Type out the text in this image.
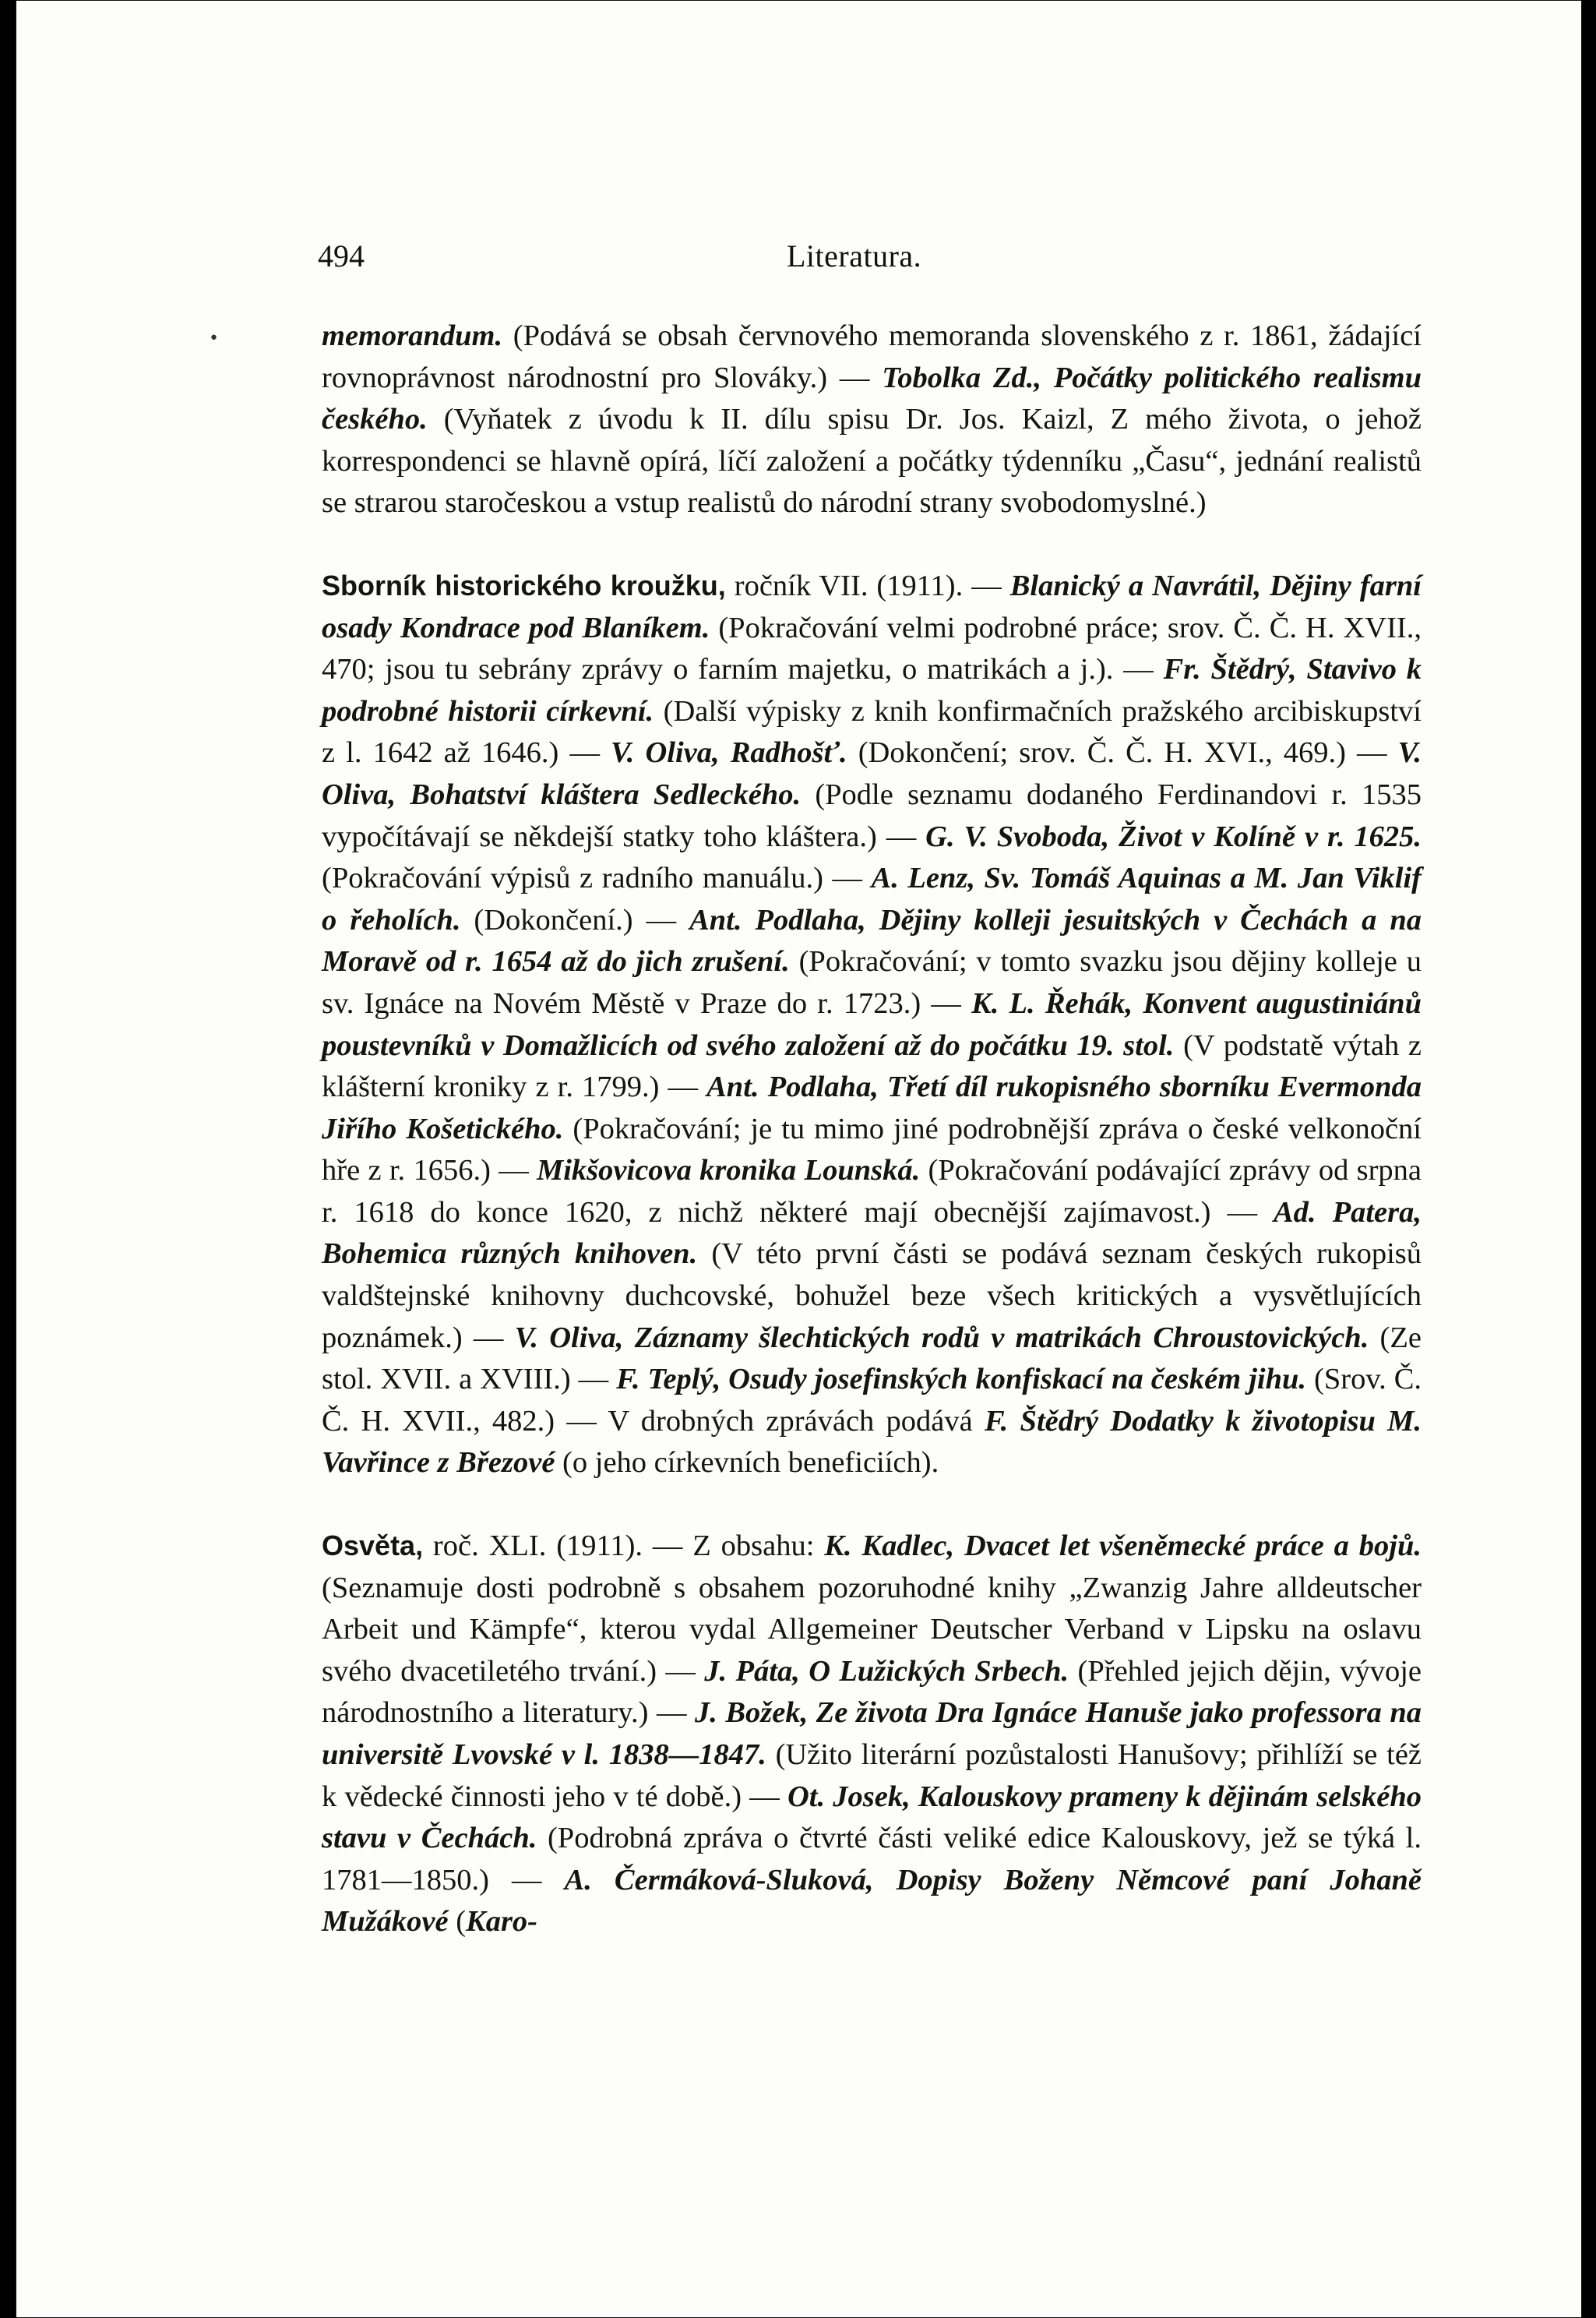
494	Literatura.
•	memorandum. (Podává se obsah červnového memoranda slovenského z r. 1861, žádající rovnoprávnost národnostní pro Slováky.) — Tobolka Zd., Počátky politického realismu českého. (Vyňatek z úvodu k II. dílu spisu Dr. Jos. Kaizl, Z mého života, o jehož korrespondenci se hlavně opírá, líčí založení a počátky týdenníku „Času“, jednání realistů se strarou staročeskou a vstup realistů do národní strany svobodomyslné.)

Sborník historického kroužku, ročník VII. (1911). — Blanický a Navrátil, Dějiny farní osady Kondrace pod Blaníkem. (Pokračování velmi podrobné práce; srov. Č. Č. H. XVII., 470; jsou tu sebrány zprávy o farním majetku, o matrikách a j.). — Fr. Štědrý, Stavivo k podrobné historii církevní. (Další výpisky z knih konfirmačních pražského arcibiskupství z l. 1642 až 1646.) — V. Oliva, Radhošť. (Dokončení; srov. Č. Č. H. XVI., 469.) — V. Oliva, Bohatství kláštera Sedleckého. (Podle seznamu dodaného Ferdinandovi r. 1535 vypočítávají se někdejší statky toho kláštera.) — G. V. Svoboda, Život v Kolíně v r. 1625. (Pokračování výpisů z radního manuálu.) — A. Lenz, Sv. Tomáš Aquinas a M. Jan Viklif o řeholích. (Dokončení.) — Ant. Podlaha, Dějiny kolleji jesuitských v Čechách a na Moravě od r. 1654 až do jich zrušení. (Pokračování; v tomto svazku jsou dějiny kolleje u sv. Ignáce na Novém Městě v Praze do r. 1723.) — K. L. Řehák, Konvent augustiniánů poustevníků v Domažlicích od svého založení až do počátku 19. stol. (V podstatě výtah z klášterní kroniky z r. 1799.) — Ant. Podlaha, Třetí díl rukopisného sborníku Evermonda Jiřího Košetického. (Pokračování; je tu mimo jiné podrobnější zpráva o české velkonoční hře z r. 1656.) — Mikšovicova kronika Lounská. (Pokračování podávající zprávy od srpna r. 1618 do konce 1620, z nichž některé mají obecnější zajímavost.) — Ad. Patera, Bohemica různých knihoven. (V této první části se podává seznam českých rukopisů valdštejnské knihovny duchcovské, bohužel beze všech kritických a vysvětlujících poznámek.) — V. Oliva, Záznamy šlechtických rodů v matrikách Chroustovických. (Ze stol. XVII. a XVIII.) — F. Teplý, Osudy josefinských konfiskací na českém jihu. (Srov. Č. Č. H. XVII., 482.) — V drobných zprávách podává F. Štědrý Dodatky k životopisu M. Vavřince z Březové (o jeho církevních beneficiích).

Osvěta, roč. XLI. (1911). — Z obsahu: K. Kadlec, Dvacet let všeněmecké práce a bojů. (Seznamuje dosti podrobně s obsahem pozoruhodné knihy „Zwanzig Jahre alldeutscher Arbeit und Kämpfe“, kterou vydal Allgemeiner Deutscher Verband v Lipsku na oslavu svého dvacetiletého trvání.) — J. Páta, O Lužických Srbech. (Přehled jejich dějin, vývoje národnostního a literatury.) — J. Božek, Ze života Dra Ignáce Hanuše jako professora na universitě Lvovské v l. 1838—1847. (Užito literární pozůstalosti Hanušovy; přihlíží se též k vědecké činnosti jeho v té době.) — Ot. Josek, Kalouskovy prameny k dějinám selského stavu v Čechách. (Podrobná zpráva o čtvrté části veliké edice Kalouskovy, jež se týká l. 1781—1850.) — A. Čermáková-Sluková, Dopisy Boženy Němcové paní Johaně Mužákové (Karo-
